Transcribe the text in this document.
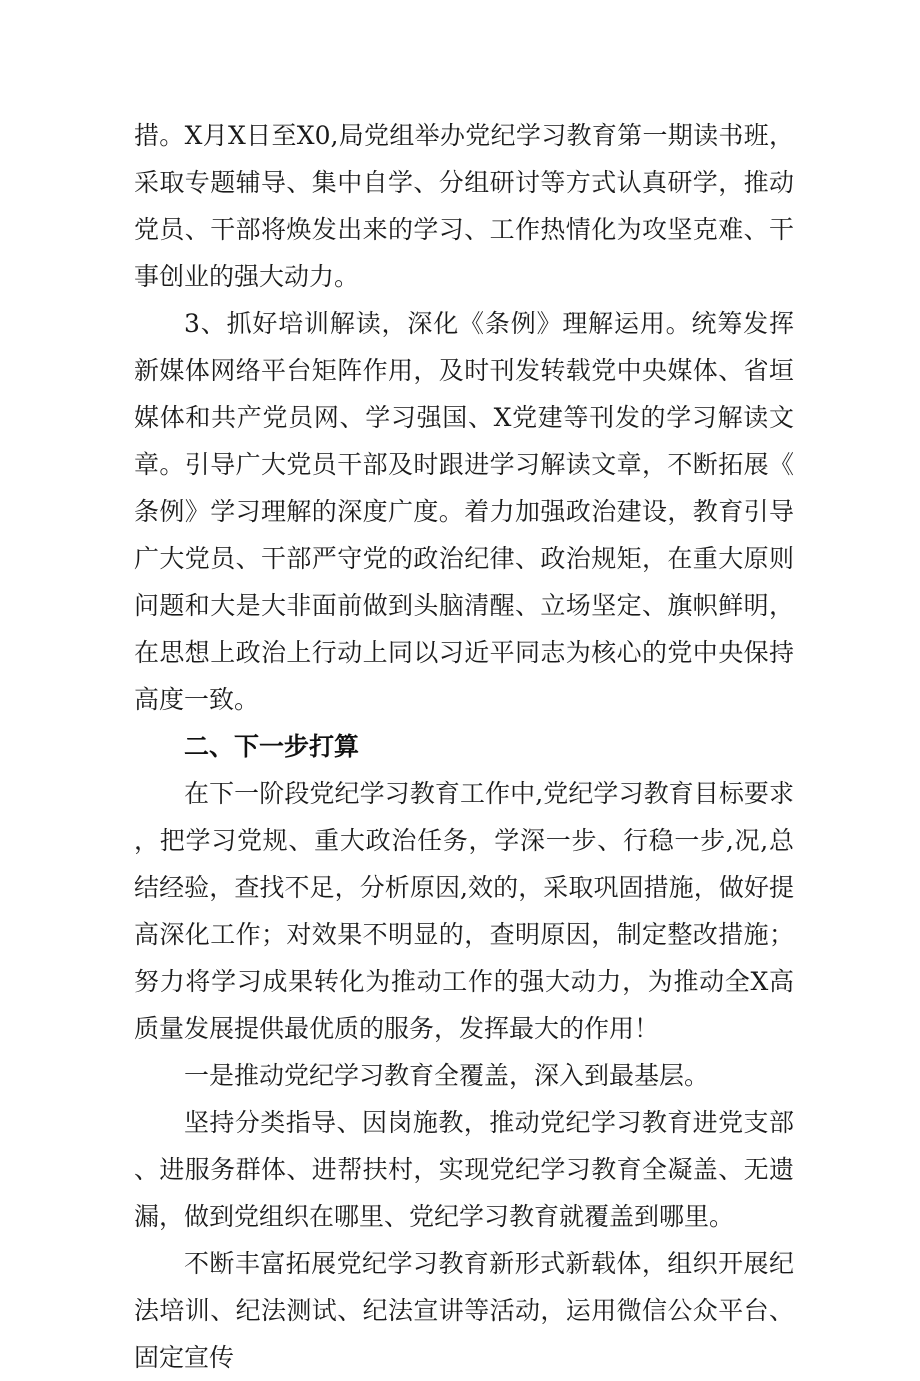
措。X月X日至X0,局党组举办党纪学习教育第一期读书班，采取专题辅导、集中自学、分组研讨等方式认真研学，推动党员、干部将焕发出来的学习、工作热情化为攻坚克难、干事创业的强大动力。

3、抓好培训解读，深化《条例》理解运用。统筹发挥新媒体网络平台矩阵作用，及时刊发转载党中央媒体、省垣媒体和共产党员网、学习强国、X党建等刊发的学习解读文章。引导广大党员干部及时跟进学习解读文章，不断拓展《条例》学习理解的深度广度。着力加强政治建设，教育引导广大党员、干部严守党的政治纪律、政治规矩，在重大原则问题和大是大非面前做到头脑清醒、立场坚定、旗帜鲜明，在思想上政治上行动上同以习近平同志为核心的党中央保持高度一致。

二、下一步打算

在下一阶段党纪学习教育工作中,党纪学习教育目标要求，把学习党规、重大政治任务，学深一步、行稳一步,况,总结经验，查找不足，分析原因,效的，采取巩固措施，做好提高深化工作；对效果不明显的，查明原因，制定整改措施；努力将学习成果转化为推动工作的强大动力，为推动全X高质量发展提供最优质的服务，发挥最大的作用！

一是推动党纪学习教育全覆盖，深入到最基层。

坚持分类指导、因岗施教，推动党纪学习教育进党支部、进服务群体、进帮扶村，实现党纪学习教育全凝盖、无遗漏，做到党组织在哪里、党纪学习教育就覆盖到哪里。

不断丰富拓展党纪学习教育新形式新载体，组织开展纪法培训、纪法测试、纪法宣讲等活动，运用微信公众平台、固定宣传
